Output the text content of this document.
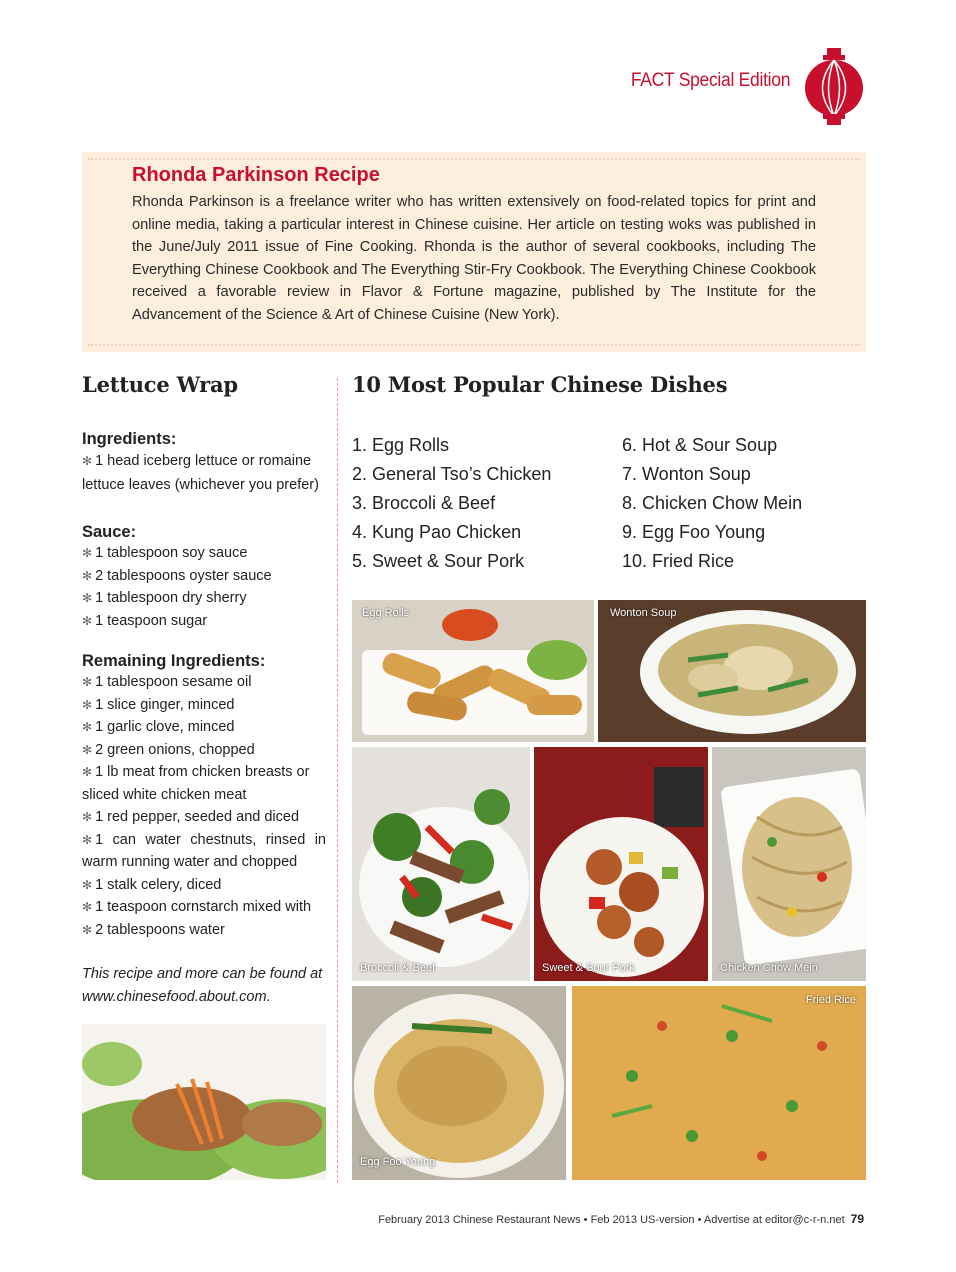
FACT Special Edition
Rhonda Parkinson Recipe
Rhonda Parkinson is a freelance writer who has written extensively on food-related topics for print and online media, taking a particular interest in Chinese cuisine. Her article on testing woks was published in the June/July 2011 issue of Fine Cooking. Rhonda is the author of several cookbooks, including The Everything Chinese Cookbook and The Everything Stir-Fry Cookbook. The Everything Chinese Cookbook received a favorable review in Flavor & Fortune magazine, published by The Institute for the Advancement of the Science & Art of Chinese Cuisine (New York).
Lettuce Wrap
Ingredients:
✻ 1 head iceberg lettuce or romaine lettuce leaves (whichever you prefer)
Sauce:
✻ 1 tablespoon soy sauce
✻ 2 tablespoons oyster sauce
✻ 1 tablespoon dry sherry
✻ 1 teaspoon sugar
Remaining Ingredients:
✻ 1 tablespoon sesame oil
✻ 1 slice ginger, minced
✻ 1 garlic clove, minced
✻ 2 green onions, chopped
✻ 1 lb meat from chicken breasts or sliced white chicken meat
✻ 1 red pepper, seeded and diced
✻ 1 can water chestnuts, rinsed in warm running water and chopped
✻ 1 stalk celery, diced
✻ 1 teaspoon cornstarch mixed with
✻ 2 tablespoons water
This recipe and more can be found at
www.chinesefood.about.com.
10 Most Popular Chinese Dishes
1. Egg Rolls
2. General Tso’s Chicken
3. Broccoli & Beef
4. Kung Pao Chicken
5. Sweet & Sour Pork
6. Hot & Sour Soup
7. Wonton Soup
8. Chicken Chow Mein
9. Egg Foo Young
10. Fried Rice
Egg Rolls	Wonton Soup
Broccoli & Beef	Sweet & Sour Pork	Chicken Chow Mein
Egg Foo Young
Fried Rice
February 2013 Chinese Restaurant News • Feb 2013 US-version • Advertise at editor@c-r-n.net 79
